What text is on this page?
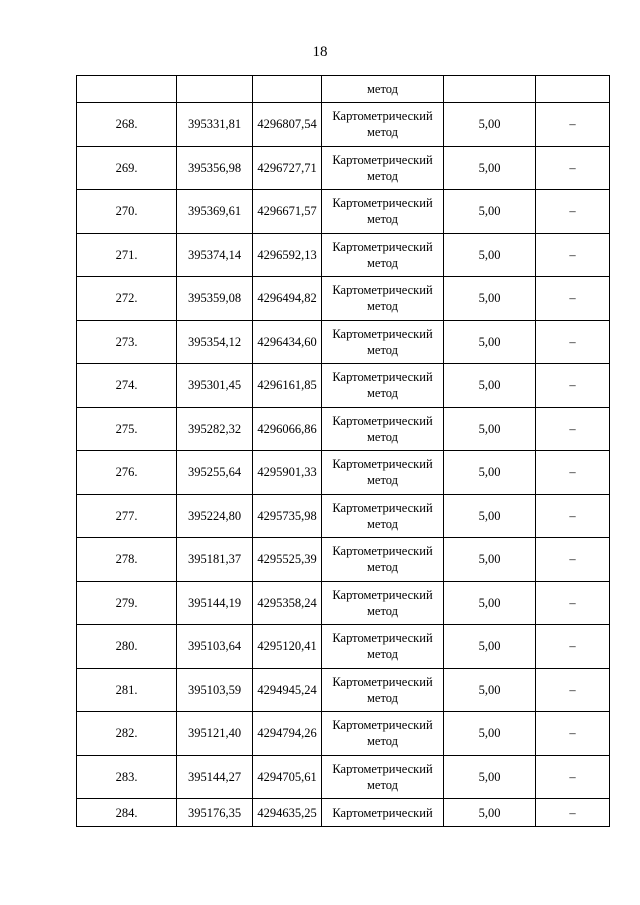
18
			метод		
268.	395331,81	4296807,54	Картометрический метод	5,00	–
269.	395356,98	4296727,71	Картометрический метод	5,00	–
270.	395369,61	4296671,57	Картометрический метод	5,00	–
271.	395374,14	4296592,13	Картометрический метод	5,00	–
272.	395359,08	4296494,82	Картометрический метод	5,00	–
273.	395354,12	4296434,60	Картометрический метод	5,00	–
274.	395301,45	4296161,85	Картометрический метод	5,00	–
275.	395282,32	4296066,86	Картометрический метод	5,00	–
276.	395255,64	4295901,33	Картометрический метод	5,00	–
277.	395224,80	4295735,98	Картометрический метод	5,00	–
278.	395181,37	4295525,39	Картометрический метод	5,00	–
279.	395144,19	4295358,24	Картометрический метод	5,00	–
280.	395103,64	4295120,41	Картометрический метод	5,00	–
281.	395103,59	4294945,24	Картометрический метод	5,00	–
282.	395121,40	4294794,26	Картометрический метод	5,00	–
283.	395144,27	4294705,61	Картометрический метод	5,00	–
284.	395176,35	4294635,25	Картометрический	5,00	–
